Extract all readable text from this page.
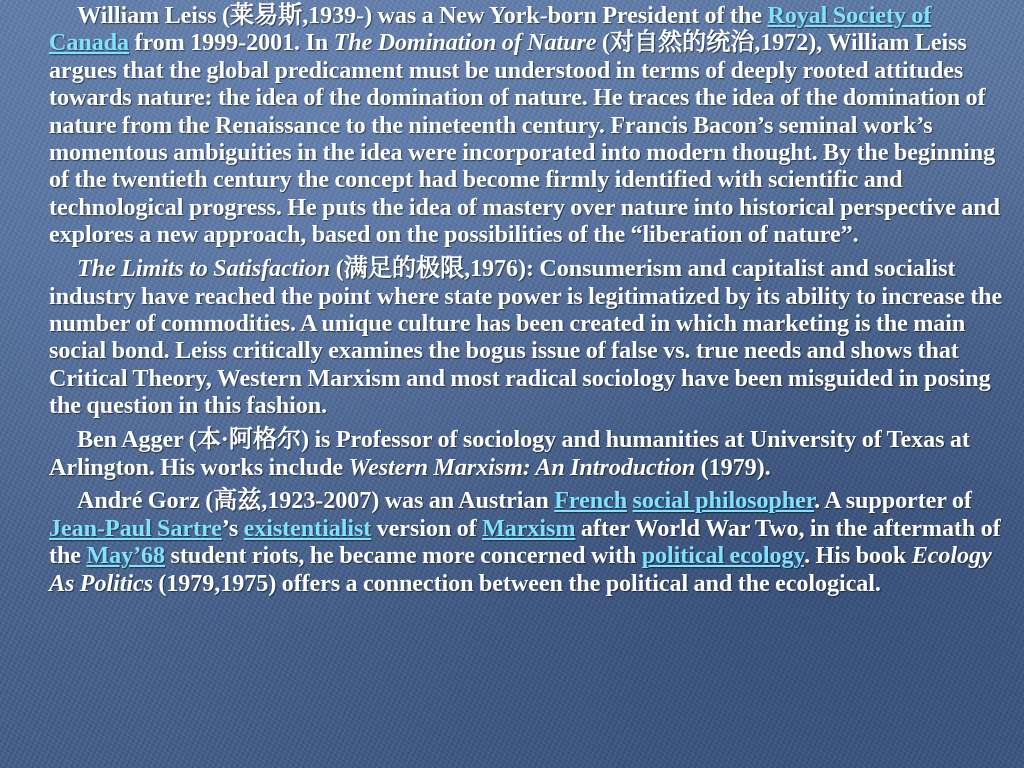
William Leiss (莱易斯,1939-) was a New York-born President of the Royal Society of Canada from 1999-2001. In The Domination of Nature (对自然的统治,1972), William Leiss argues that the global predicament must be understood in terms of deeply rooted attitudes towards nature: the idea of the domination of nature. He traces the idea of the domination of nature from the Renaissance to the nineteenth century. Francis Bacon’s seminal work’s momentous ambiguities in the idea were incorporated into modern thought. By the beginning of the twentieth century the concept had become firmly identified with scientific and technological progress. He puts the idea of mastery over nature into historical perspective and explores a new approach, based on the possibilities of the “liberation of nature”.

The Limits to Satisfaction (满足的极限,1976): Consumerism and capitalist and socialist industry have reached the point where state power is legitimatized by its ability to increase the number of commodities. A unique culture has been created in which marketing is the main social bond. Leiss critically examines the bogus issue of false vs. true needs and shows that Critical Theory, Western Marxism and most radical sociology have been misguided in posing the question in this fashion.

Ben Agger (本·阿格尔) is Professor of sociology and humanities at University of Texas at Arlington. His works include Western Marxism: An Introduction (1979).

André Gorz (高兹,1923-2007) was an Austrian French social philosopher. A supporter of Jean-Paul Sartre’s existentialist version of Marxism after World War Two, in the aftermath of the May’68 student riots, he became more concerned with political ecology. His book Ecology As Politics (1979,1975) offers a connection between the political and the ecological.
